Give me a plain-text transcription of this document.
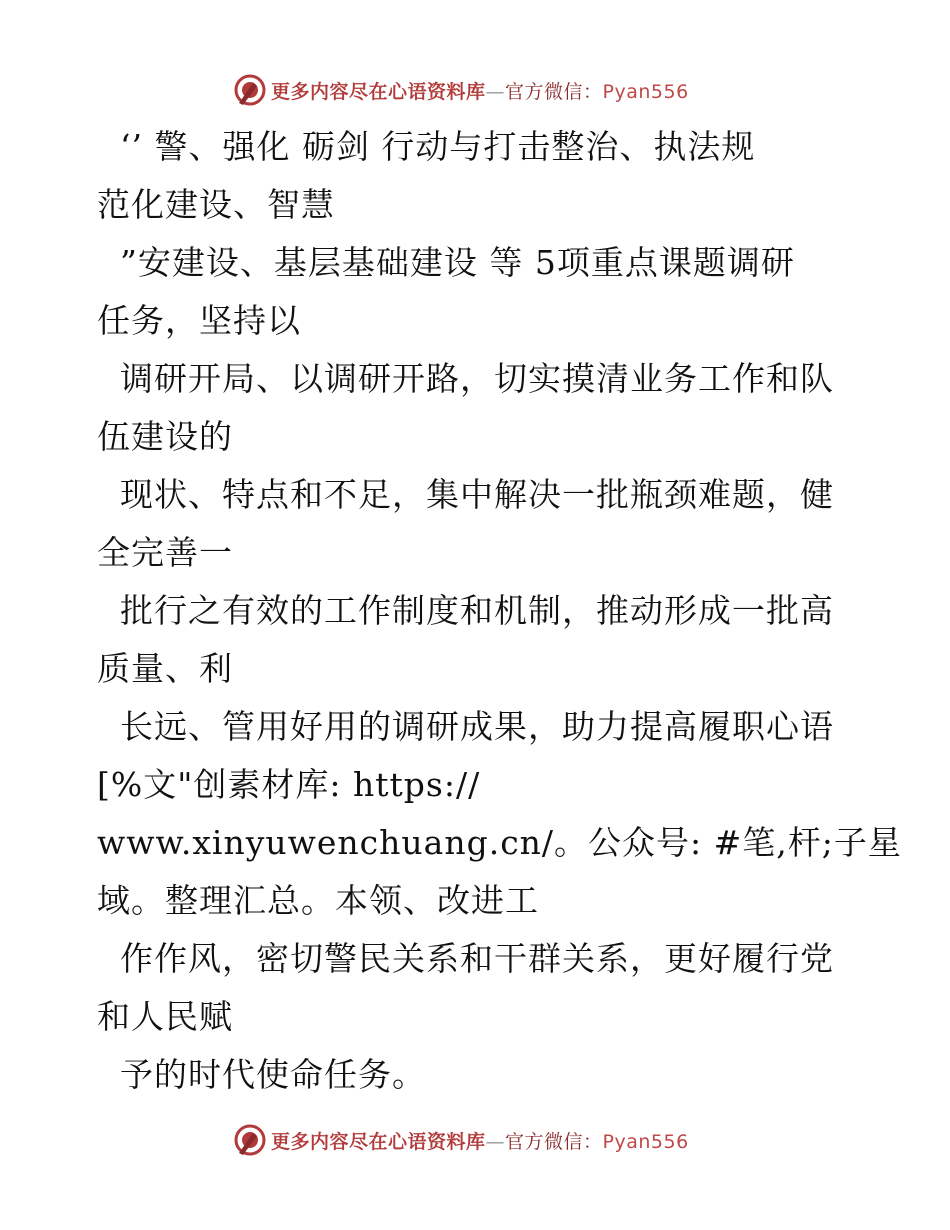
更多内容尽在心语资料库—官方微信：Pyan556
‘’ 警、强化 砺剑 行动与打击整治、执法规
范化建设、智慧
”安建设、基层基础建设 等 5项重点课题调研
任务，坚持以
调研开局、以调研开路，切实摸清业务工作和队
伍建设的
现状、特点和不足，集中解决一批瓶颈难题，健
全完善一
批行之有效的工作制度和机制，推动形成一批高
质量、利
长远、管用好用的调研成果，助力提高履职心语
[%文"创素材库: https://
www.xinyuwenchuang.cn/。公众号: #笔,杆;子星
域。整理汇总。本领、改进工
作作风，密切警民关系和干群关系，更好履行党
和人民赋
予的时代使命任务。
更多内容尽在心语资料库—官方微信：Pyan556
